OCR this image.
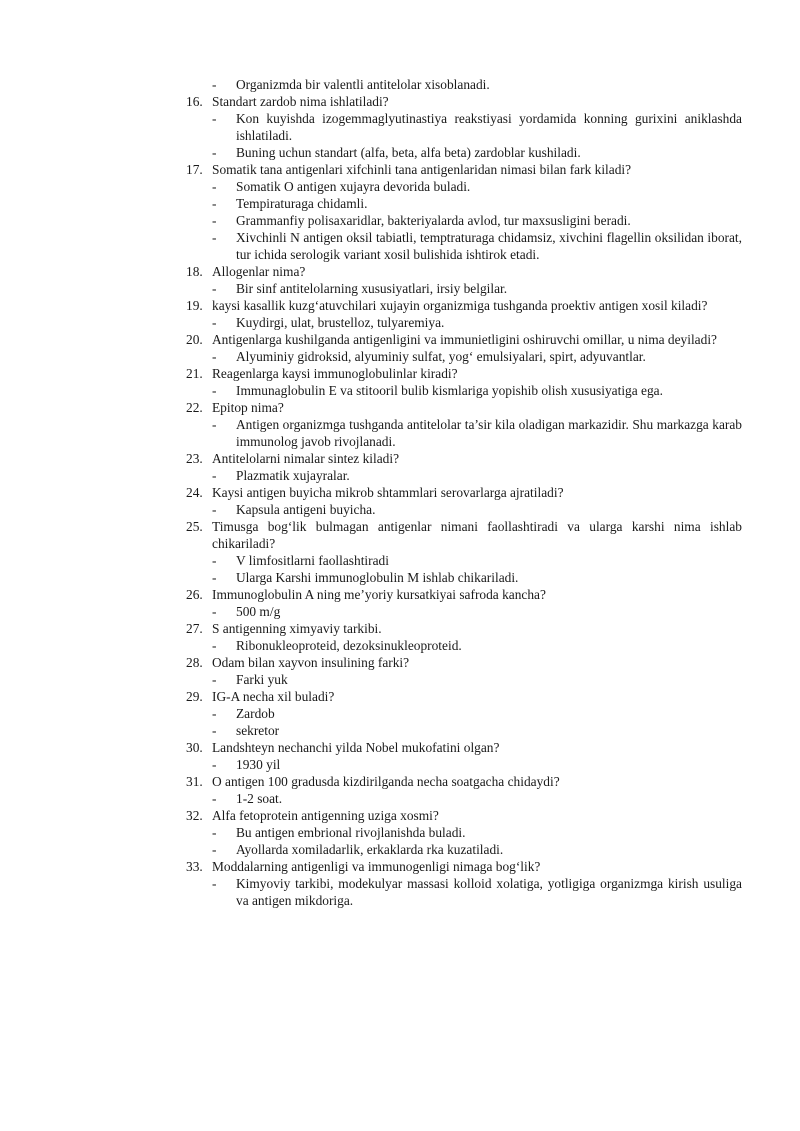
- Organizmda bir valentli antitelolar xisoblanadi.
16. Standart zardob nima ishlatiladi?
- Kon kuyishda izogemmaglyutinastiya reakstiyasi yordamida konning gurixini aniklashda ishlatiladi.
- Buning uchun standart (alfa, beta, alfa beta) zardoblar kushiladi.
17. Somatik tana antigenlari xifchinli tana antigenlaridan nimasi bilan fark kiladi?
- Somatik O antigen xujayra devorida buladi.
- Tempiraturaga chidamli.
- Grammanfiy polisaxaridlar, bakteriyalarda avlod, tur maxsusligini beradi.
- Xivchinli N antigen oksil tabiatli, temptraturaga chidamsiz, xivchini flagellin oksilidan iborat, tur ichida serologik variant xosil bulishida ishtirok etadi.
18. Allogenlar nima?
- Bir sinf antitelolarning xususiyatlari, irsiy belgilar.
19. kaysi kasallik kuzg‘atuvchilari xujayin organizmiga tushganda proektiv antigen xosil kiladi?
- Kuydirgi, ulat, brustelloz, tulyaremiya.
20. Antigenlarga kushilganda antigenligini va immunietligini oshiruvchi omillar, u nima deyiladi?
- Alyuminiy gidroksid, alyuminiy sulfat, yog‘ emulsiyalari, spirt, adyuvantlar.
21. Reagenlarga kaysi immunoglobulinlar kiradi?
- Immunaglobulin E va stitooril bulib kismlariga yopishib olish xususiyatiga ega.
22. Epitop nima?
- Antigen organizmga tushganda antitelolar ta’sir kila oladigan markazidir. Shu markazga karab immunolog javob rivojlanadi.
23. Antitelolarni nimalar sintez kiladi?
- Plazmatik xujayralar.
24. Kaysi antigen buyicha mikrob shtammlari serovarlarga ajratiladi?
- Kapsula antigeni buyicha.
25. Timusga bog‘lik bulmagan antigenlar nimani faollashtiradi va ularga karshi nima ishlab chikariladi?
- V limfositlarni faollashtiradi
- Ularga Karshi immunoglobulin M ishlab chikariladi.
26. Immunoglobulin A ning me’yoriy kursatkiyai safroda kancha?
- 500 m/g
27. S antigenning ximyaviy tarkibi.
- Ribonukleoproteid, dezoksinukleoproteid.
28. Odam bilan xayvon insulining farki?
- Farki yuk
29. IG-A necha xil buladi?
- Zardob
- sekretor
30. Landshteyn nechanchi yilda Nobel mukofatini olgan?
- 1930 yil
31. O antigen 100 gradusda kizdirilganda necha soatgacha chidaydi?
- 1-2 soat.
32. Alfa fetoprotein antigenning uziga xosmi?
- Bu antigen embrional rivojlanishda buladi.
- Ayollarda xomiladarlik, erkaklarda rka kuzatiladi.
33. Moddalarning antigenligi va immunogenligi nimaga bog‘lik?
- Kimyoviy tarkibi, modekulyar massasi kolloid xolatiga, yotligiga organizmga kirish usuliga va antigen mikdoriga.
